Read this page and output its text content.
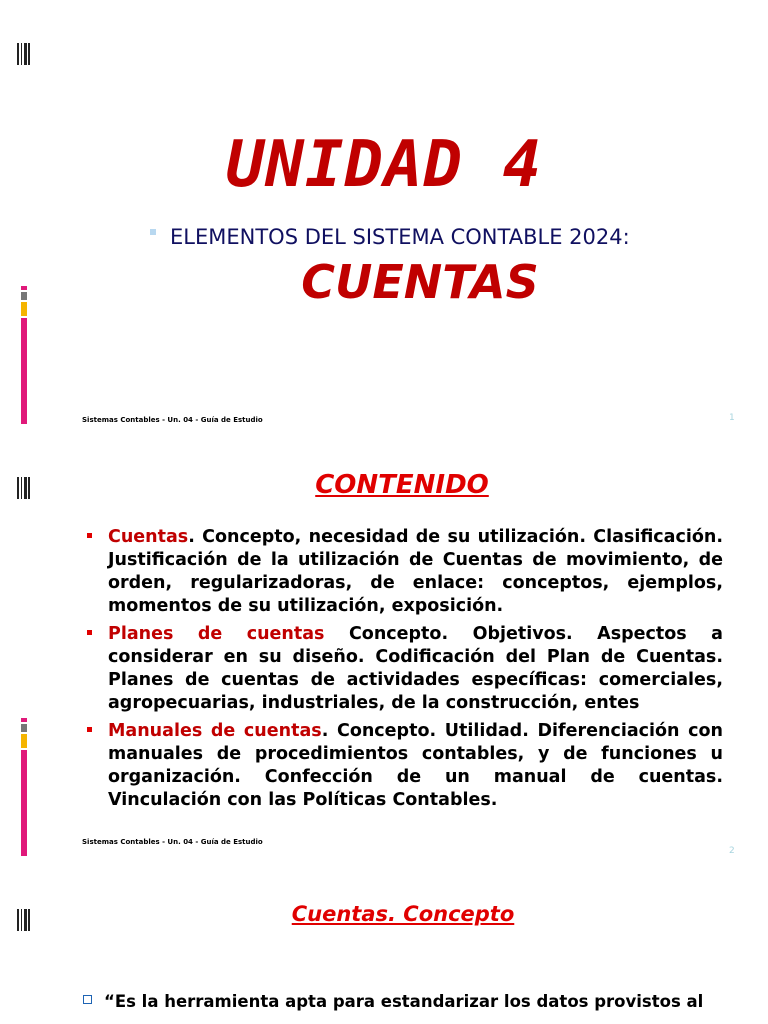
UNIDAD 4
ELEMENTOS DEL SISTEMA CONTABLE 2024:
CUENTAS
Sistemas Contables - Un. 04 - Guía de Estudio	1
CONTENIDO
Cuentas. Concepto, necesidad de su utilización. Clasificación. Justificación de la utilización de Cuentas de movimiento, de orden, regularizadoras, de enlace: conceptos, ejemplos, momentos de su utilización, exposición.
Planes de cuentas Concepto. Objetivos. Aspectos a considerar en su diseño. Codificación del Plan de Cuentas. Planes de cuentas de actividades específicas: comerciales, agropecuarias, industriales, de la construcción, entes
Manuales de cuentas. Concepto. Utilidad. Diferenciación con manuales de procedimientos contables, y de funciones u organización. Confección de un manual de cuentas. Vinculación con las Políticas Contables.
Sistemas Contables - Un. 04 - Guía de Estudio
2
Cuentas. Concepto
“Es la herramienta apta para estandarizar los datos provistos al
